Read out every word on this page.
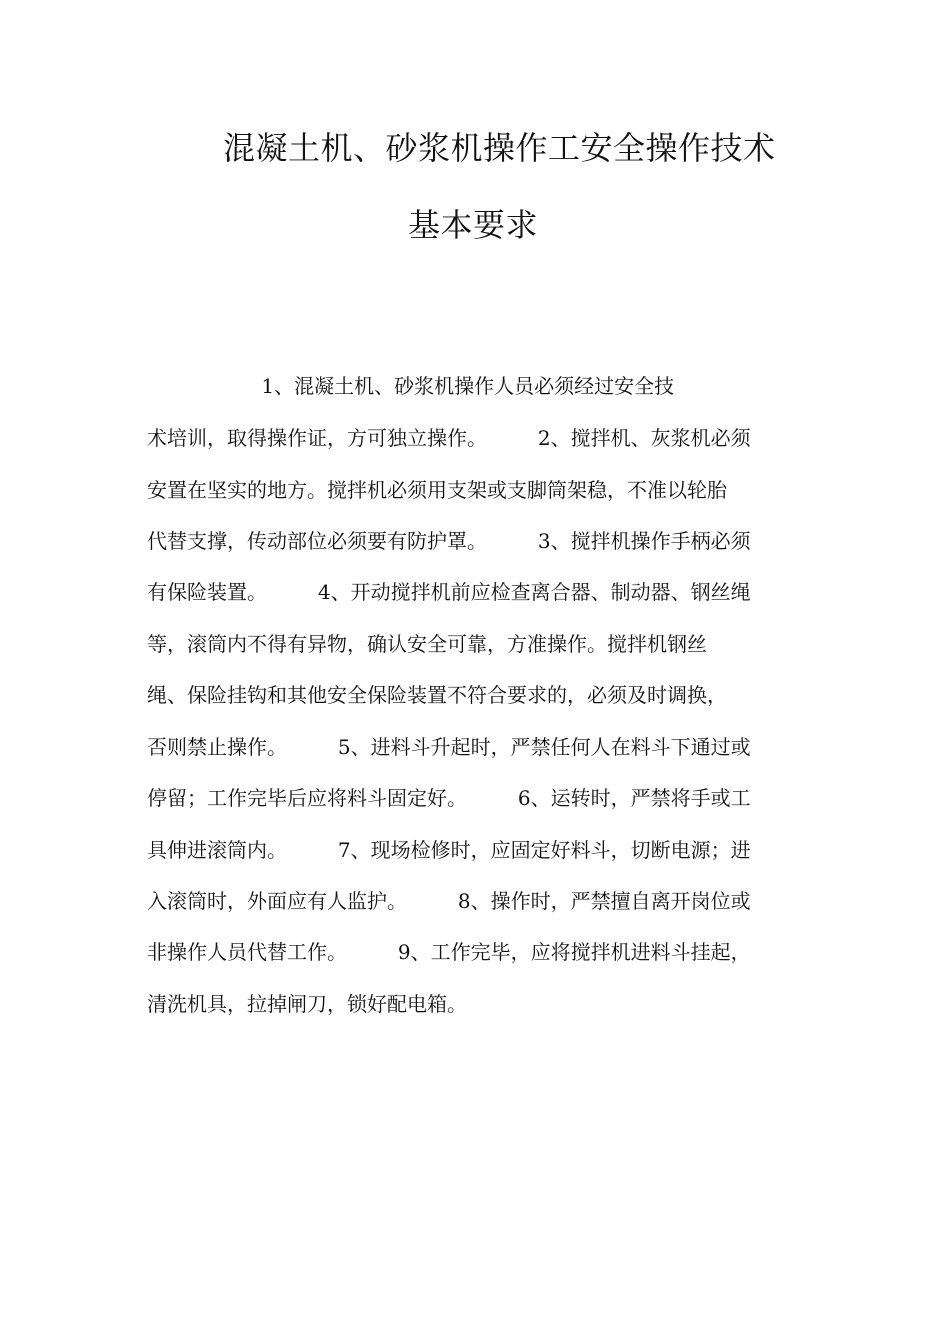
混凝土机、砂浆机操作工安全操作技术
基本要求
1、混凝土机、砂浆机操作人员必须经过安全技
术培训，取得操作证，方可独立操作。        2、搅拌机、灰浆机必须
安置在坚实的地方。搅拌机必须用支架或支脚筒架稳，不准以轮胎
代替支撑，传动部位必须要有防护罩。        3、搅拌机操作手柄必须
有保险装置。        4、开动搅拌机前应检查离合器、制动器、钢丝绳
等，滚筒内不得有异物，确认安全可靠，方准操作。搅拌机钢丝
绳、保险挂钩和其他安全保险装置不符合要求的，必须及时调换，
否则禁止操作。        5、进料斗升起时，严禁任何人在料斗下通过或
停留；工作完毕后应将料斗固定好。        6、运转时，严禁将手或工
具伸进滚筒内。        7、现场检修时，应固定好料斗，切断电源；进
入滚筒时，外面应有人监护。        8、操作时，严禁擅自离开岗位或
非操作人员代替工作。        9、工作完毕，应将搅拌机进料斗挂起，
清洗机具，拉掉闸刀，锁好配电箱。
